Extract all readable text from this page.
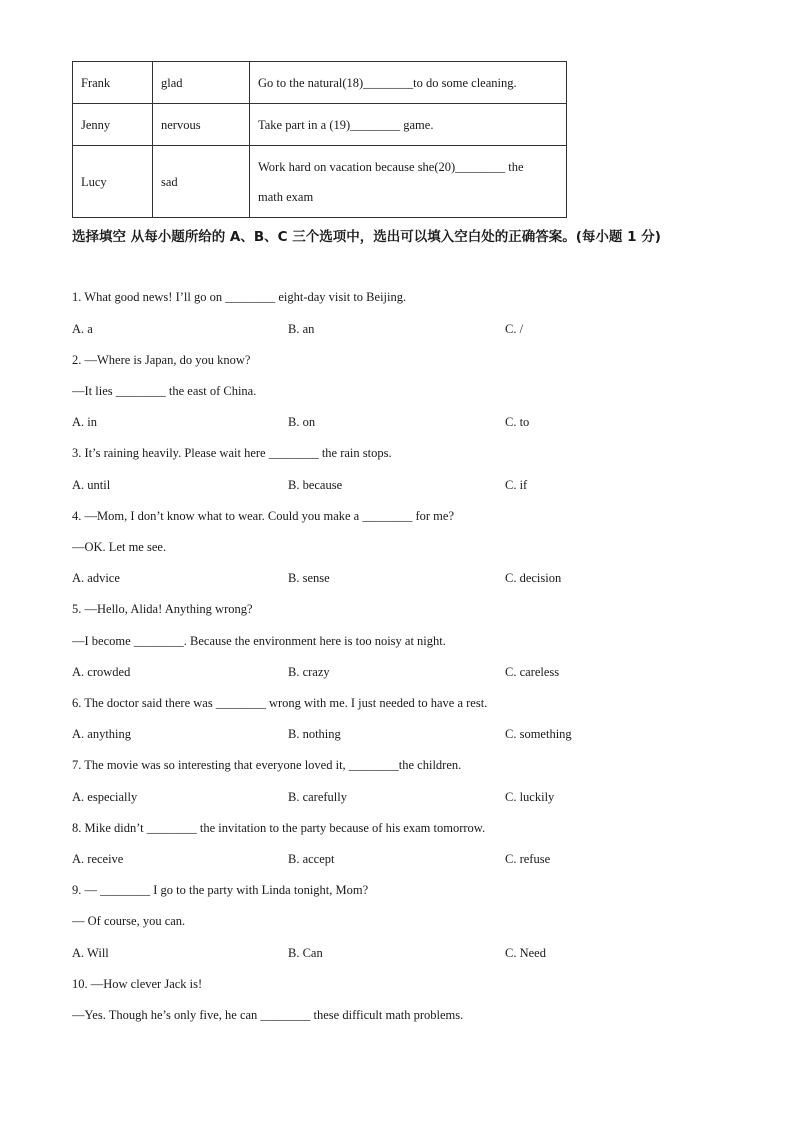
Frank	glad	Go to the natural(18)________to do some cleaning.
Jenny	nervous	Take part in a (19)________ game.
Lucy	sad	Work hard on vacation because she(20)________ the
math exam
选择填空 从每小题所给的 A、B、C 三个选项中，选出可以填入空白处的正确答案。(每小题 1 分)
1. What good news! I’ll go on ________ eight-day visit to Beijing.
A. a	B. an	C. /
2. —Where is Japan, do you know?
—It lies ________ the east of China.
A. in	B. on	C. to
3. It’s raining heavily. Please wait here ________ the rain stops.
A. until	B. because	C. if
4. —Mom, I don’t know what to wear. Could you make a ________ for me?
—OK. Let me see.
A. advice	B. sense	C. decision
5. —Hello, Alida! Anything wrong?
—I become ________. Because the environment here is too noisy at night.
A. crowded	B. crazy	C. careless
6. The doctor said there was ________ wrong with me. I just needed to have a rest.
A. anything	B. nothing	C. something
7. The movie was so interesting that everyone loved it, ________the children.
A. especially	B. carefully	C. luckily
8. Mike didn’t ________ the invitation to the party because of his exam tomorrow.
A. receive	B. accept	C. refuse
9. — ________ I go to the party with Linda tonight, Mom?
— Of course, you can.
A. Will	B. Can	C. Need
10. —How clever Jack is!
—Yes. Though he’s only five, he can ________ these difficult math problems.
